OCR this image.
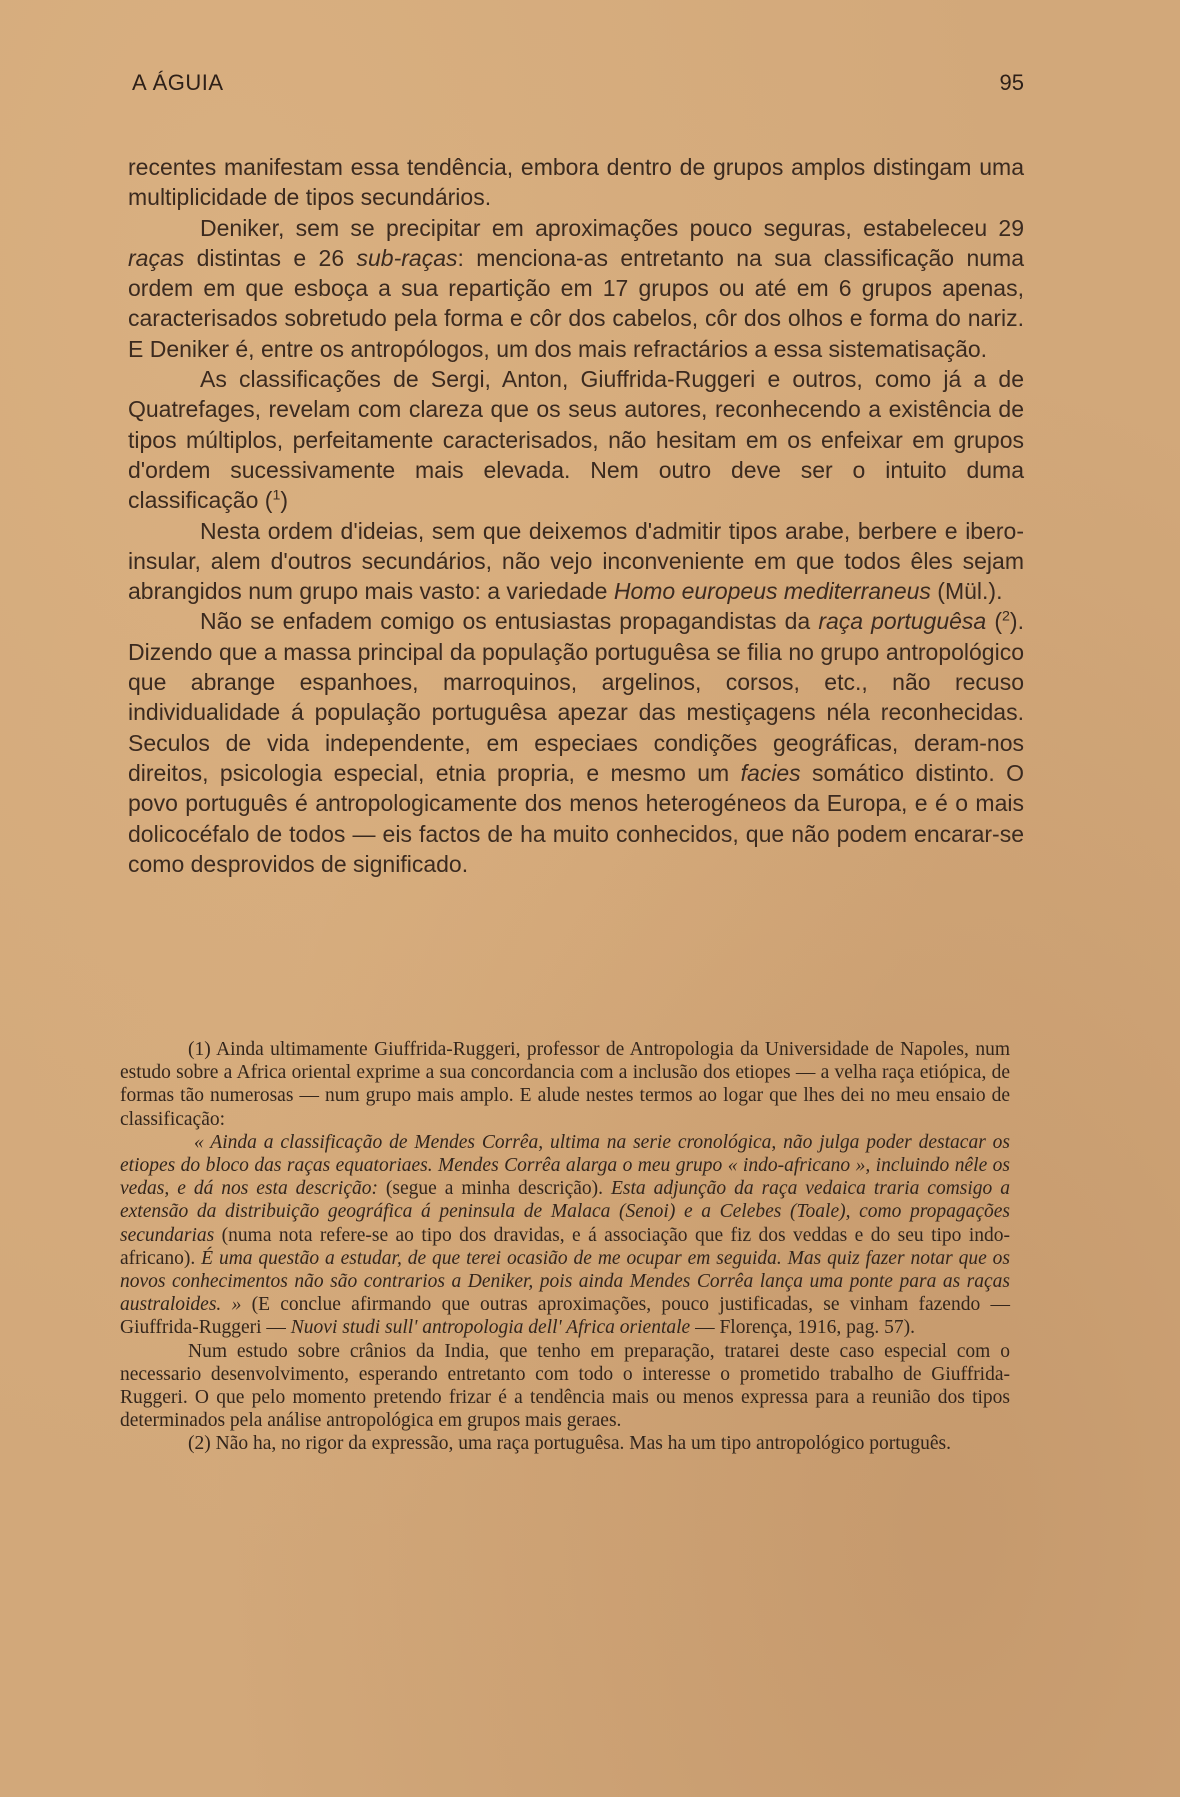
A ÁGUIA	95

recentes manifestam essa tendência, embora dentro de grupos amplos distingam uma multiplicidade de tipos secundários.

Deniker, sem se precipitar em aproximações pouco seguras, estabeleceu 29 raças distintas e 26 sub-raças: menciona-as entretanto na sua classificação numa ordem em que esboça a sua repartição em 17 grupos ou até em 6 grupos apenas, caracterisados sobretudo pela forma e côr dos cabelos, côr dos olhos e forma do nariz. E Deniker é, entre os antropólogos, um dos mais refractários a essa sistematisação.

As classificações de Sergi, Anton, Giuffrida-Ruggeri e outros, como já a de Quatrefages, revelam com clareza que os seus autores, reconhecendo a existência de tipos múltiplos, perfeitamente caracterisados, não hesitam em os enfeixar em grupos d'ordem sucessivamente mais elevada. Nem outro deve ser o intuito duma classificação ($^1$)

Nesta ordem d'ideias, sem que deixemos d'admitir tipos arabe, berbere e ibero-insular, alem d'outros secundários, não vejo inconveniente em que todos êles sejam abrangidos num grupo mais vasto: a variedade Homo europeus mediterraneus (Mül.).

Não se enfadem comigo os entusiastas propagandistas da raça portuguêsa ($^2$). Dizendo que a massa principal da população portuguêsa se filia no grupo antropológico que abrange espanhoes, marroquinos, argelinos, corsos, etc., não recuso individualidade á população portuguêsa apezar das mestiçagens néla reconhecidas. Seculos de vida independente, em especiaes condições geográficas, deram-nos direitos, psicologia especial, etnia propria, e mesmo um facies somático distinto. O povo português é antropologicamente dos menos heterogéneos da Europa, e é o mais dolicocéfalo de todos — eis factos de ha muito conhecidos, que não podem encarar-se como desprovidos de significado.

(1) Ainda ultimamente Giuffrida-Ruggeri, professor de Antropologia da Universidade de Napoles, num estudo sobre a Africa oriental exprime a sua concordancia com a inclusão dos etiopes — a velha raça etiópica, de formas tão numerosas — num grupo mais amplo. E alude nestes termos ao logar que lhes dei no meu ensaio de classificação:

« Ainda a classificação de Mendes Corrêa, ultima na serie cronológica, não julga poder destacar os etiopes do bloco das raças equatoriaes. Mendes Corrêa alarga o meu grupo « indo-africano », incluindo nêle os vedas, e dá nos esta descrição: (segue a minha descrição). Esta adjunção da raça vedaica traria comsigo a extensão da distribuição geográfica á peninsula de Malaca (Senoi) e a Celebes (Toale), como propagações secundarias (numa nota refere-se ao tipo dos dravidas, e á associação que fiz dos veddas e do seu tipo indo-africano). É uma questão a estudar, de que terei ocasião de me ocupar em seguida. Mas quiz fazer notar que os novos conhecimentos não são contrarios a Deniker, pois ainda Mendes Corrêa lança uma ponte para as raças australoides. » (E conclue afirmando que outras aproximações, pouco justificadas, se vinham fazendo — Giuffrida-Ruggeri — Nuovi studi sull' antropologia dell' Africa orientale — Florença, 1916, pag. 57).

Num estudo sobre crânios da India, que tenho em preparação, tratarei deste caso especial com o necessario desenvolvimento, esperando entretanto com todo o interesse o prometido trabalho de Giuffrida-Ruggeri. O que pelo momento pretendo frizar é a tendência mais ou menos expressa para a reunião dos tipos determinados pela análise antropológica em grupos mais geraes.

(2) Não ha, no rigor da expressão, uma raça portuguêsa. Mas ha um tipo antropológico português.
